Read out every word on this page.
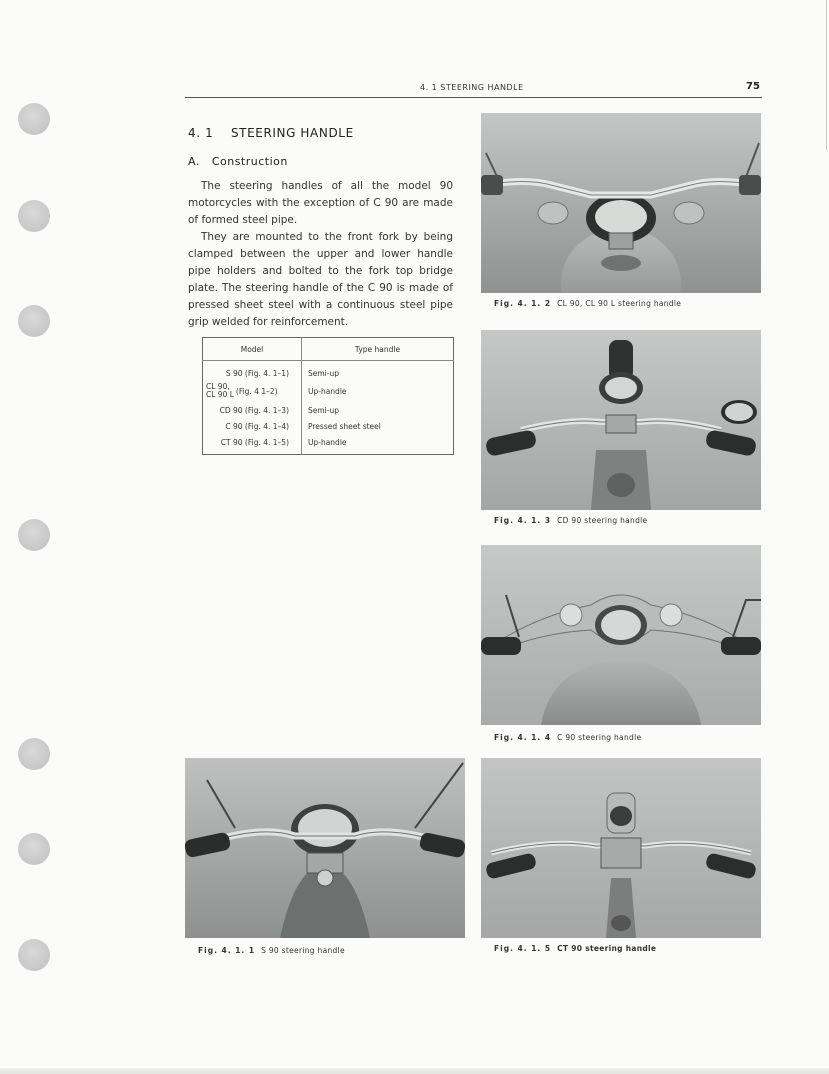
4. 1 STEERING HANDLE	75
4. 1    STEERING HANDLE
A.   Construction

The steering handles of all the model 90 motorcycles with the exception of C 90 are made of formed steel pipe.

They are mounted to the front fork by being clamped between the upper and lower handle pipe holders and bolted to the fork top bridge plate. The steering handle of the C 90 is made of pressed sheet steel with a continuous steel pipe grip welded for reinforcement.

Model	Type handle
S 90 (Fig. 4. 1–1)	Semi-up
CL 90,
CL 90 L (Fig. 4 1–2)	Up-handle
CD 90 (Fig. 4. 1–3)	Semi-up
C 90 (Fig. 4. 1–4)	Pressed sheet steel
CT 90 (Fig. 4. 1–5)	Up-handle
Fig. 4. 1. 2 CL 90, CL 90 L steering handle
Fig. 4. 1. 3 CD 90 steering handle
Fig. 4. 1. 4 C 90 steering handle
Fig. 4. 1. 1 S 90 steering handle	Fig. 4. 1. 5 CT 90 steering handle
